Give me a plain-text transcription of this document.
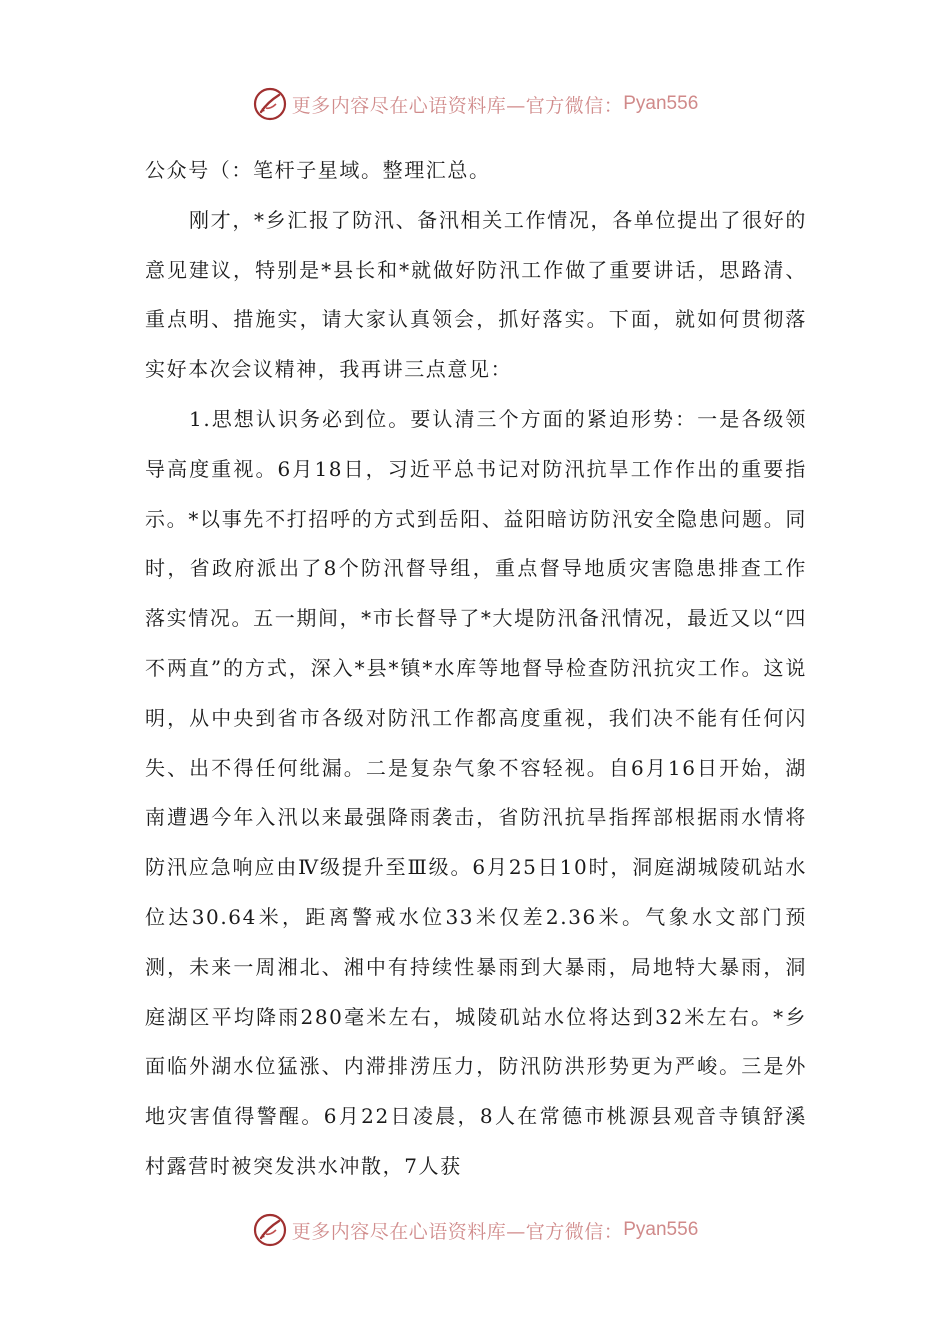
更多内容尽在心语资料库—官方微信： Pyan556

公众号（：笔杆子星域。整理汇总。

刚才，*乡汇报了防汛、备汛相关工作情况，各单位提出了很好的意见建议，特别是*县长和*就做好防汛工作做了重要讲话，思路清、重点明、措施实，请大家认真领会，抓好落实。下面，就如何贯彻落实好本次会议精神，我再讲三点意见：

1.思想认识务必到位。要认清三个方面的紧迫形势：一是各级领导高度重视。6月18日，习近平总书记对防汛抗旱工作作出的重要指示。*以事先不打招呼的方式到岳阳、益阳暗访防汛安全隐患问题。同时，省政府派出了8个防汛督导组，重点督导地质灾害隐患排查工作落实情况。五一期间，*市长督导了*大堤防汛备汛情况，最近又以“四不两直”的方式，深入*县*镇*水库等地督导检查防汛抗灾工作。这说明，从中央到省市各级对防汛工作都高度重视，我们决不能有任何闪失、出不得任何纰漏。二是复杂气象不容轻视。自6月16日开始，湖南遭遇今年入汛以来最强降雨袭击，省防汛抗旱指挥部根据雨水情将防汛应急响应由Ⅳ级提升至Ⅲ级。6月25日10时，洞庭湖城陵矶站水位达30.64米，距离警戒水位33米仅差2.36米。气象水文部门预测，未来一周湘北、湘中有持续性暴雨到大暴雨，局地特大暴雨，洞庭湖区平均降雨280毫米左右，城陵矶站水位将达到32米左右。*乡面临外湖水位猛涨、内滞排涝压力，防汛防洪形势更为严峻。三是外地灾害值得警醒。6月22日凌晨，8人在常德市桃源县观音寺镇舒溪村露营时被突发洪水冲散，7人获

更多内容尽在心语资料库—官方微信： Pyan556
